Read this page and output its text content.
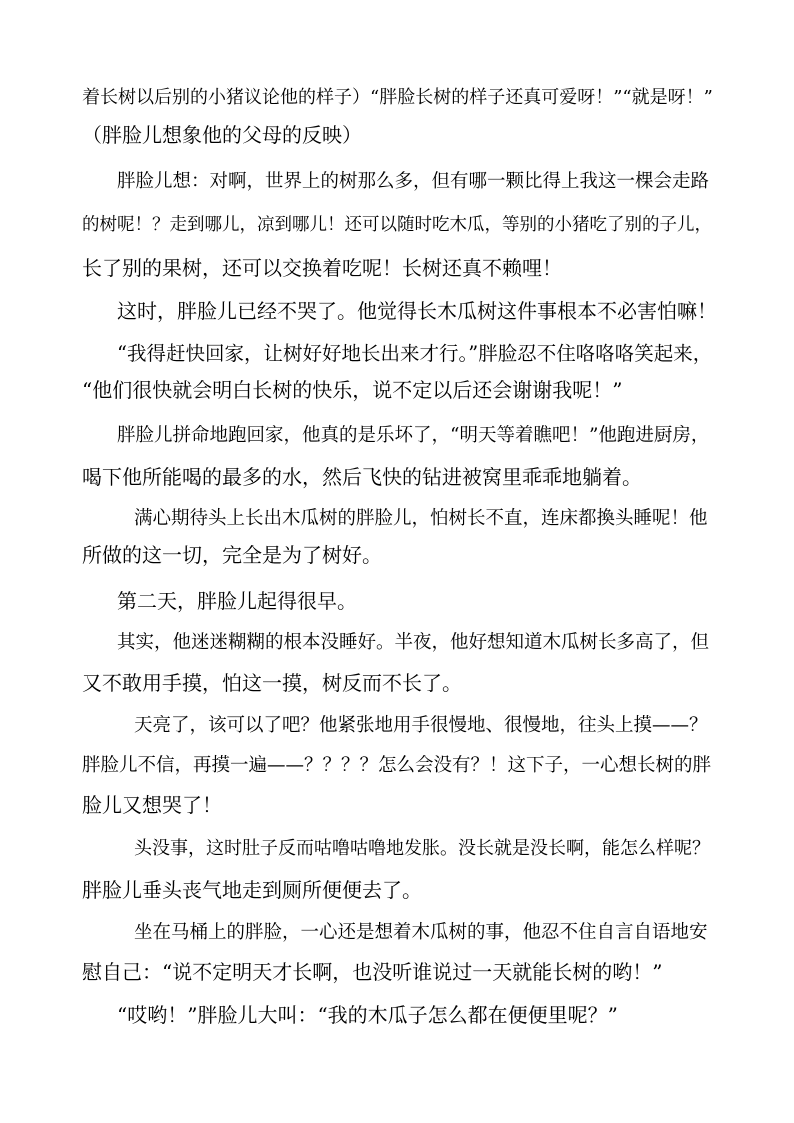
着长树以后别的小猪议论他的样子）“胖脸长树的样子还真可爱呀！”“就是呀！”
（胖脸儿想象他的父母的反映）
胖脸儿想：对啊，世界上的树那么多，但有哪一颗比得上我这一棵会走路
的树呢！？走到哪儿，凉到哪儿！还可以随时吃木瓜，等别的小猪吃了别的子儿，
长了别的果树，还可以交换着吃呢！长树还真不赖哩！
这时，胖脸儿已经不哭了。他觉得长木瓜树这件事根本不必害怕嘛！
“我得赶快回家，让树好好地长出来才行。”胖脸忍不住咯咯咯笑起来，
“他们很快就会明白长树的快乐，说不定以后还会谢谢我呢！”
胖脸儿拼命地跑回家，他真的是乐坏了，“明天等着瞧吧！”他跑进厨房，
喝下他所能喝的最多的水，然后飞快的钻进被窝里乖乖地躺着。
满心期待头上长出木瓜树的胖脸儿，怕树长不直，连床都換头睡呢！他
所做的这一切，完全是为了树好。
第二天，胖脸儿起得很早。
其实，他迷迷糊糊的根本没睡好。半夜，他好想知道木瓜树长多高了，但
又不敢用手摸，怕这一摸，树反而不长了。
天亮了，该可以了吧？他紧张地用手很慢地、很慢地，往头上摸——？
胖脸儿不信，再摸一遍——？？？？怎么会没有？！这下子，一心想长树的胖
脸儿又想哭了！
头没事，这时肚子反而咕噜咕噜地发胀。没长就是没长啊，能怎么样呢？
胖脸儿垂头丧气地走到厕所便便去了。
坐在马桶上的胖脸，一心还是想着木瓜树的事，他忍不住自言自语地安
慰自己：“说不定明天才长啊，也没听谁说过一天就能长树的哟！”
“哎哟！”胖脸儿大叫：“我的木瓜子怎么都在便便里呢？”
